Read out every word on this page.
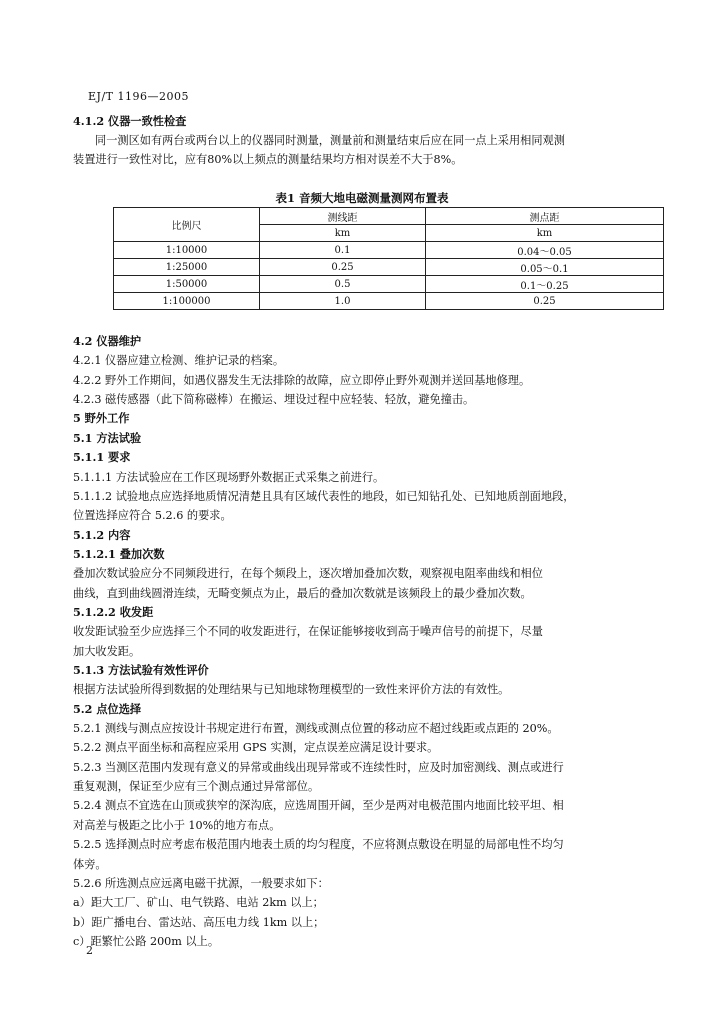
EJ/T 1196—2005
4.1.2 仪器一致性检查
同一测区如有两台或两台以上的仪器同时测量，测量前和测量结束后应在同一点上采用相同观测
装置进行一致性对比，应有80%以上频点的测量结果均方相对误差不大于8%。
表1 音频大地电磁测量测网布置表
比例尺	测线距	测点距
	km	km
1:10000	0.1	0.04～0.05
1:25000	0.25	0.05～0.1
1:50000	0.5	0.1～0.25
1:100000	1.0	0.25
4.2 仪器维护
4.2.1 仪器应建立检测、维护记录的档案。
4.2.2 野外工作期间，如遇仪器发生无法排除的故障，应立即停止野外观测并送回基地修理。
4.2.3 磁传感器（此下简称磁棒）在搬运、埋设过程中应轻装、轻放，避免撞击。
5 野外工作
5.1 方法试验
5.1.1 要求
5.1.1.1 方法试验应在工作区现场野外数据正式采集之前进行。
5.1.1.2 试验地点应选择地质情况清楚且具有区域代表性的地段，如已知钻孔处、已知地质剖面地段，
位置选择应符合 5.2.6 的要求。
5.1.2 内容
5.1.2.1 叠加次数
叠加次数试验应分不同频段进行，在每个频段上，逐次增加叠加次数，观察视电阻率曲线和相位
曲线，直到曲线圆滑连续，无畸变频点为止，最后的叠加次数就是该频段上的最少叠加次数。
5.1.2.2 收发距
收发距试验至少应选择三个不同的收发距进行，在保证能够接收到高于噪声信号的前提下，尽量
加大收发距。
5.1.3 方法试验有效性评价
根据方法试验所得到数据的处理结果与已知地球物理模型的一致性来评价方法的有效性。
5.2 点位选择
5.2.1 测线与测点应按设计书规定进行布置，测线或测点位置的移动应不超过线距或点距的 20%。
5.2.2 测点平面坐标和高程应采用 GPS 实测，定点误差应满足设计要求。
5.2.3 当测区范围内发现有意义的异常或曲线出现异常或不连续性时，应及时加密测线、测点或进行
重复观测，保证至少应有三个测点通过异常部位。
5.2.4 测点不宜选在山顶或狭窄的深沟底，应选周围开阔，至少是两对电极范围内地面比较平坦、相
对高差与极距之比小于 10%的地方布点。
5.2.5 选择测点时应考虑布极范围内地表土质的均匀程度，不应将测点敷设在明显的局部电性不均匀
体旁。
5.2.6 所选测点应远离电磁干扰源，一般要求如下：
a）距大工厂、矿山、电气铁路、电站 2km 以上；
b）距广播电台、雷达站、高压电力线 1km 以上；
c）距繁忙公路 200m 以上。
2
